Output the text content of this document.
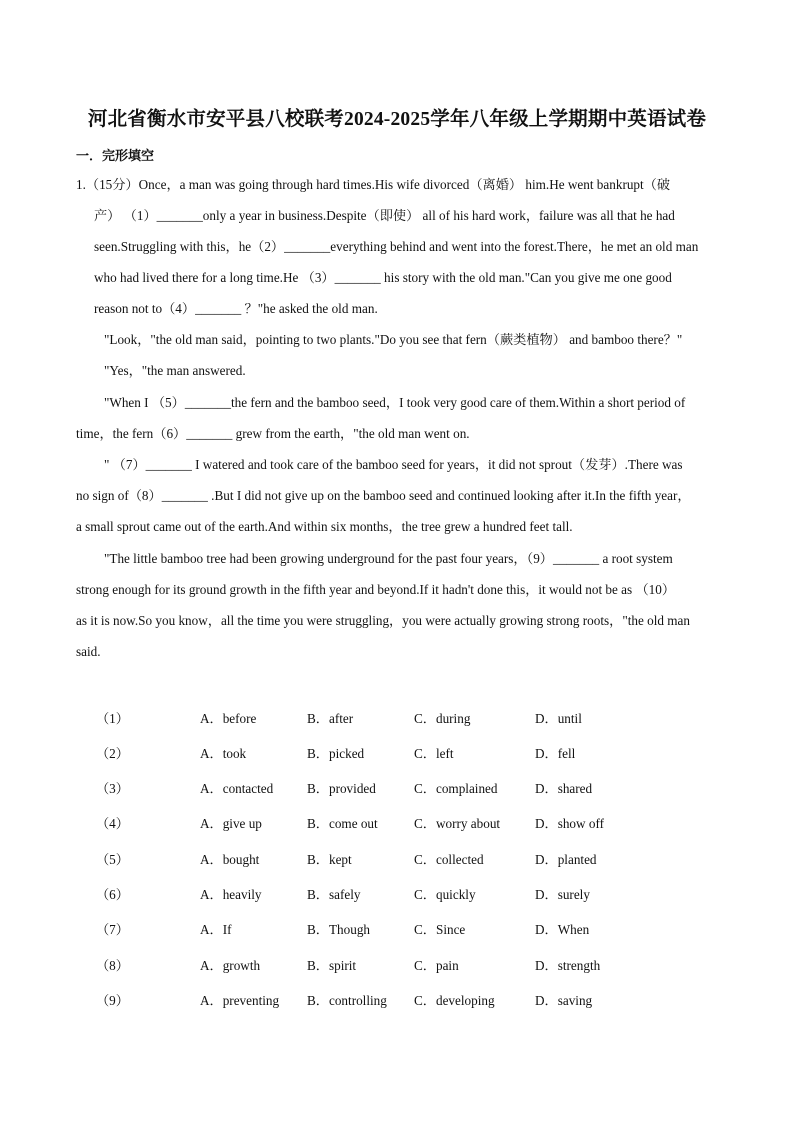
河北省衡水市安平县八校联考2024-2025学年八年级上学期期中英语试卷
一．完形填空
1.（15分）Once，a man was going through hard times.His wife divorced（离婚） him.He went bankrupt（破
产） （1）_______only a year in business.Despite（即使） all of his hard work，failure was all that he had
seen.Struggling with this，he（2）_______everything behind and went into the forest.There，he met an old man
who had lived there for a long time.He （3）_______ his story with the old man."Can you give me one good
reason not to（4）_______ ？"he asked the old man.
"Look，"the old man said，pointing to two plants."Do you see that fern（蕨类植物） and bamboo there？"
"Yes，"the man answered.
"When I （5）_______the fern and the bamboo seed，I took very good care of them.Within a short period of
time，the fern（6）_______ grew from the earth，"the old man went on.
" （7）_______ I watered and took care of the bamboo seed for years，it did not sprout（发芽）.There was
no sign of（8）_______ .But I did not give up on the bamboo seed and continued looking after it.In the fifth year，
a small sprout came out of the earth.And within six months，the tree grew a hundred feet tall.
"The little bamboo tree had been growing underground for the past four years，（9）_______ a root system
strong enough for its ground growth in the fifth year and beyond.If it hadn't done this，it would not be as （10）
as it is now.So you know，all the time you were struggling，you were actually growing strong roots，"the old man
said.
（1）	A．before	B．after	C．during	D．until
（2）	A．took	B．picked	C．left	D．fell
（3）	A．contacted	B．provided	C．complained	D．shared
（4）	A．give up	B．come out	C．worry about	D．show off
（5）	A．bought	B．kept	C．collected	D．planted
（6）	A．heavily	B．safely	C．quickly	D．surely
（7）	A．If	B．Though	C．Since	D．When
（8）	A．growth	B．spirit	C．pain	D．strength
（9）	A．preventing B．controlling C．developing	D．saving
